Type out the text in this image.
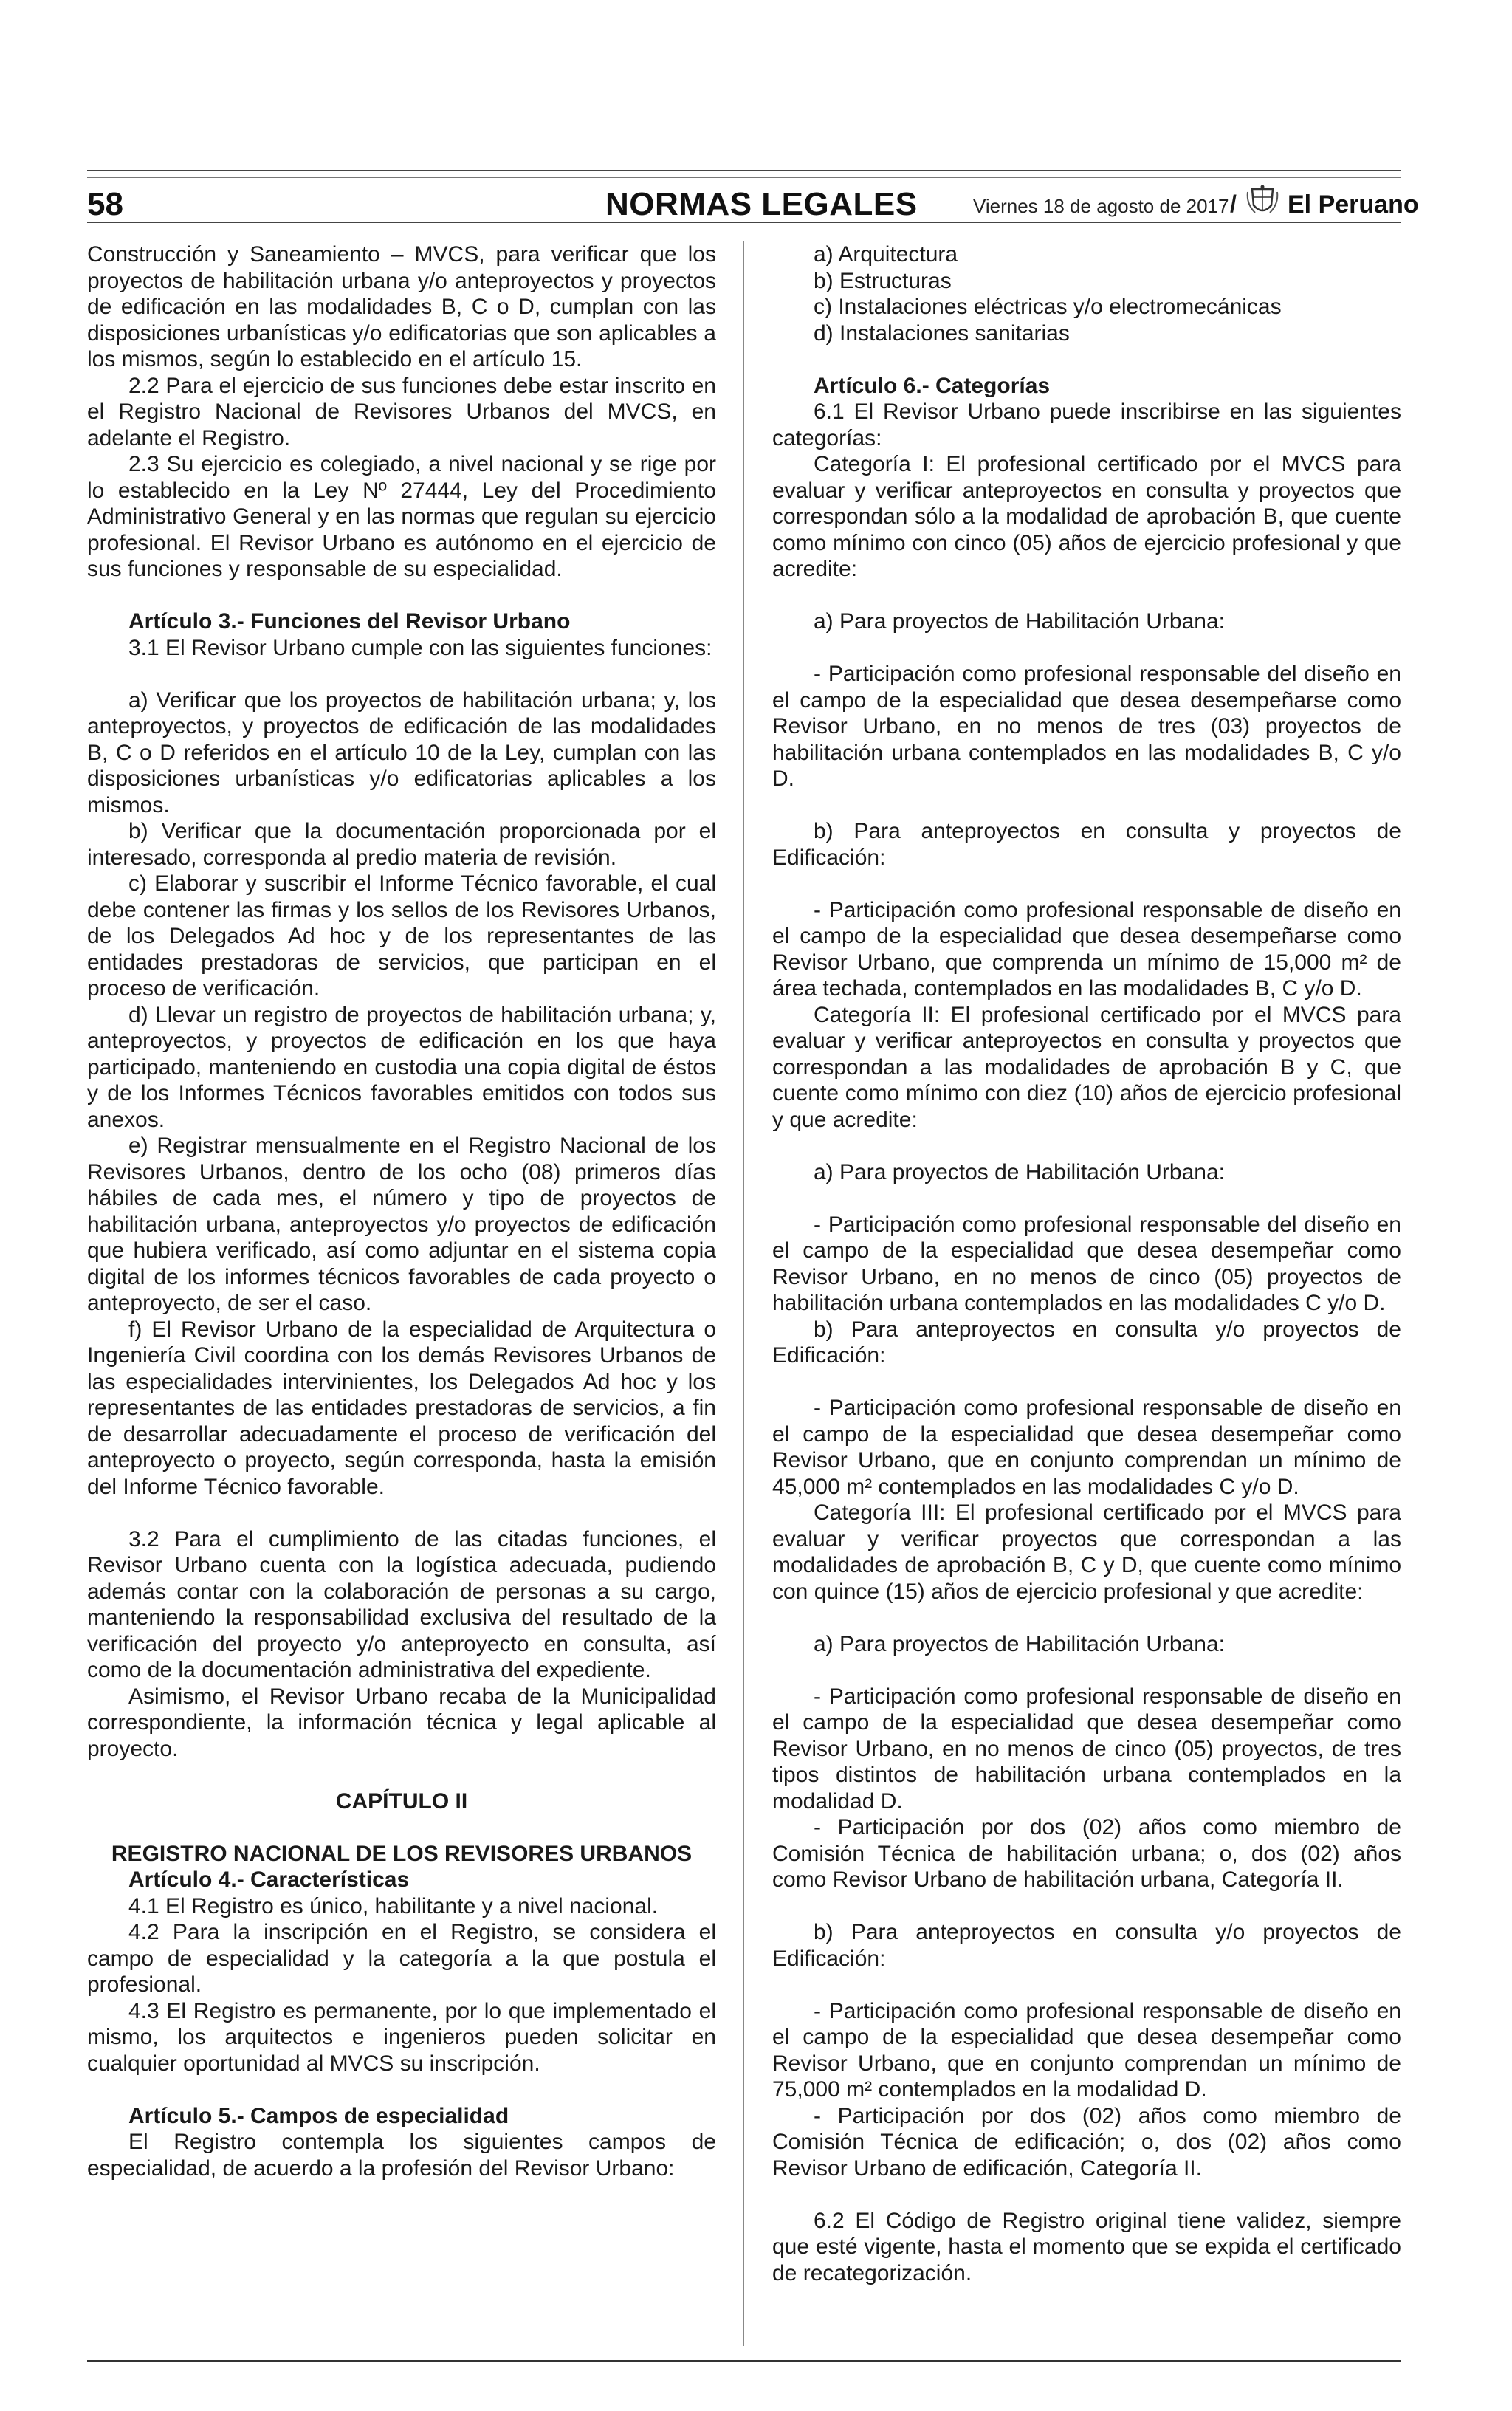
58	NORMAS LEGALES	Viernes 18 de agosto de 2017 / El Peruano

Construcción y Saneamiento – MVCS, para verificar que los proyectos de habilitación urbana y/o anteproyectos y proyectos de edificación en las modalidades B, C o D, cumplan con las disposiciones urbanísticas y/o edificatorias que son aplicables a los mismos, según lo establecido en el artículo 15.

2.2 Para el ejercicio de sus funciones debe estar inscrito en el Registro Nacional de Revisores Urbanos del MVCS, en adelante el Registro.

2.3 Su ejercicio es colegiado, a nivel nacional y se rige por lo establecido en la Ley Nº 27444, Ley del Procedimiento Administrativo General y en las normas que regulan su ejercicio profesional. El Revisor Urbano es autónomo en el ejercicio de sus funciones y responsable de su especialidad.

Artículo 3.- Funciones del Revisor Urbano

3.1 El Revisor Urbano cumple con las siguientes funciones:

a) Verificar que los proyectos de habilitación urbana; y, los anteproyectos, y proyectos de edificación de las modalidades B, C o D referidos en el artículo 10 de la Ley, cumplan con las disposiciones urbanísticas y/o edificatorias aplicables a los mismos.

b) Verificar que la documentación proporcionada por el interesado, corresponda al predio materia de revisión.

c) Elaborar y suscribir el Informe Técnico favorable, el cual debe contener las firmas y los sellos de los Revisores Urbanos, de los Delegados Ad hoc y de los representantes de las entidades prestadoras de servicios, que participan en el proceso de verificación.

d) Llevar un registro de proyectos de habilitación urbana; y, anteproyectos, y proyectos de edificación en los que haya participado, manteniendo en custodia una copia digital de éstos y de los Informes Técnicos favorables emitidos con todos sus anexos.

e) Registrar mensualmente en el Registro Nacional de los Revisores Urbanos, dentro de los ocho (08) primeros días hábiles de cada mes, el número y tipo de proyectos de habilitación urbana, anteproyectos y/o proyectos de edificación que hubiera verificado, así como adjuntar en el sistema copia digital de los informes técnicos favorables de cada proyecto o anteproyecto, de ser el caso.

f) El Revisor Urbano de la especialidad de Arquitectura o Ingeniería Civil coordina con los demás Revisores Urbanos de las especialidades intervinientes, los Delegados Ad hoc y los representantes de las entidades prestadoras de servicios, a fin de desarrollar adecuadamente el proceso de verificación del anteproyecto o proyecto, según corresponda, hasta la emisión del Informe Técnico favorable.

3.2 Para el cumplimiento de las citadas funciones, el Revisor Urbano cuenta con la logística adecuada, pudiendo además contar con la colaboración de personas a su cargo, manteniendo la responsabilidad exclusiva del resultado de la verificación del proyecto y/o anteproyecto en consulta, así como de la documentación administrativa del expediente.

Asimismo, el Revisor Urbano recaba de la Municipalidad correspondiente, la información técnica y legal aplicable al proyecto.

CAPÍTULO II

REGISTRO NACIONAL DE LOS REVISORES URBANOS

Artículo 4.- Características

4.1 El Registro es único, habilitante y a nivel nacional.

4.2 Para la inscripción en el Registro, se considera el campo de especialidad y la categoría a la que postula el profesional.

4.3 El Registro es permanente, por lo que implementado el mismo, los arquitectos e ingenieros pueden solicitar en cualquier oportunidad al MVCS su inscripción.

Artículo 5.- Campos de especialidad

El Registro contempla los siguientes campos de especialidad, de acuerdo a la profesión del Revisor Urbano:

a) Arquitectura

b) Estructuras

c) Instalaciones eléctricas y/o electromecánicas

d) Instalaciones sanitarias

Artículo 6.- Categorías

6.1 El Revisor Urbano puede inscribirse en las siguientes categorías:

Categoría I: El profesional certificado por el MVCS para evaluar y verificar anteproyectos en consulta y proyectos que correspondan sólo a la modalidad de aprobación B, que cuente como mínimo con cinco (05) años de ejercicio profesional y que acredite:

a) Para proyectos de Habilitación Urbana:

- Participación como profesional responsable del diseño en el campo de la especialidad que desea desempeñarse como Revisor Urbano, en no menos de tres (03) proyectos de habilitación urbana contemplados en las modalidades B, C y/o D.

b) Para anteproyectos en consulta y proyectos de Edificación:

- Participación como profesional responsable de diseño en el campo de la especialidad que desea desempeñarse como Revisor Urbano, que comprenda un mínimo de 15,000 m² de área techada, contemplados en las modalidades B, C y/o D.

Categoría II: El profesional certificado por el MVCS para evaluar y verificar anteproyectos en consulta y proyectos que correspondan a las modalidades de aprobación B y C, que cuente como mínimo con diez (10) años de ejercicio profesional y que acredite:

a) Para proyectos de Habilitación Urbana:

- Participación como profesional responsable del diseño en el campo de la especialidad que desea desempeñar como Revisor Urbano, en no menos de cinco (05) proyectos de habilitación urbana contemplados en las modalidades C y/o D.

b) Para anteproyectos en consulta y/o proyectos de Edificación:

- Participación como profesional responsable de diseño en el campo de la especialidad que desea desempeñar como Revisor Urbano, que en conjunto comprendan un mínimo de 45,000 m² contemplados en las modalidades C y/o D.

Categoría III: El profesional certificado por el MVCS para evaluar y verificar proyectos que correspondan a las modalidades de aprobación B, C y D, que cuente como mínimo con quince (15) años de ejercicio profesional y que acredite:

a) Para proyectos de Habilitación Urbana:

- Participación como profesional responsable de diseño en el campo de la especialidad que desea desempeñar como Revisor Urbano, en no menos de cinco (05) proyectos, de tres tipos distintos de habilitación urbana contemplados en la modalidad D.

- Participación por dos (02) años como miembro de Comisión Técnica de habilitación urbana; o, dos (02) años como Revisor Urbano de habilitación urbana, Categoría II.

b) Para anteproyectos en consulta y/o proyectos de Edificación:

- Participación como profesional responsable de diseño en el campo de la especialidad que desea desempeñar como Revisor Urbano, que en conjunto comprendan un mínimo de 75,000 m² contemplados en la modalidad D.

- Participación por dos (02) años como miembro de Comisión Técnica de edificación; o, dos (02) años como Revisor Urbano de edificación, Categoría II.

6.2 El Código de Registro original tiene validez, siempre que esté vigente, hasta el momento que se expida el certificado de recategorización.
